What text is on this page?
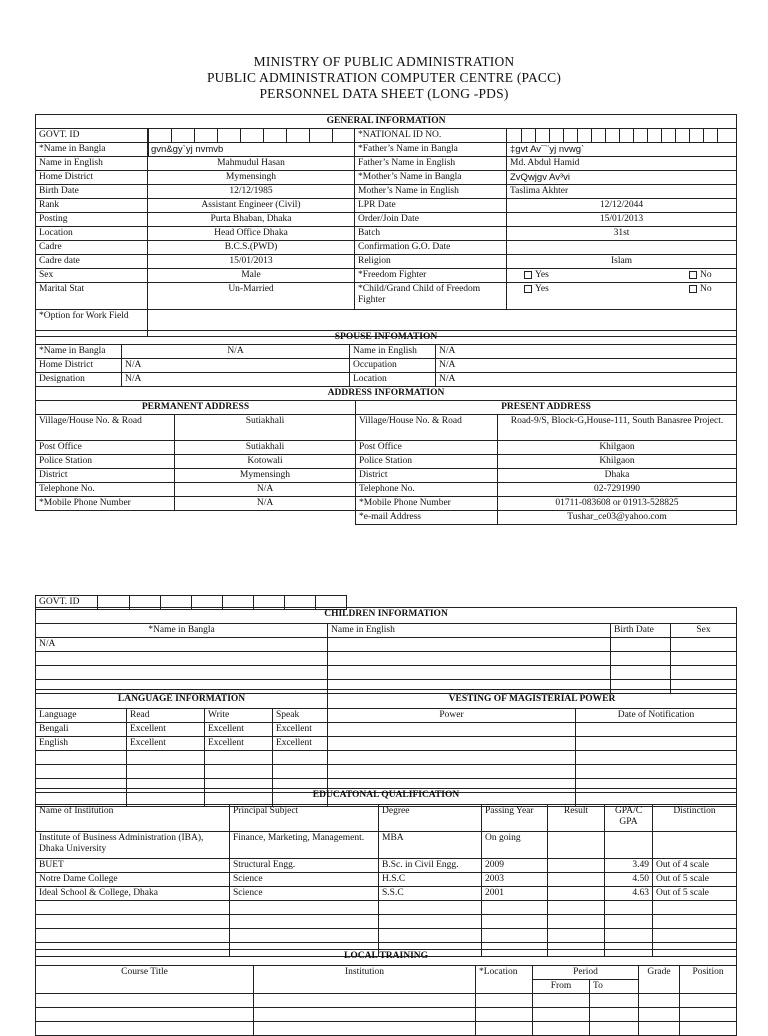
MINISTRY OF PUBLIC ADMINISTRATION
PUBLIC ADMINISTRATION COMPUTER CENTRE (PACC)
PERSONNEL DATA SHEET (LONG -PDS)
GENERAL INFORMATION			
GOVT. ID		*NATIONAL ID NO.	

*Name in Bangla	gvn&gy`yj nvmvb	*Father’s Name in Bangla	‡gvt Av¯¨yj nvwg`
Name in English	Mahmudul Hasan	Father’s Name in English	Md. Abdul Hamid
Home District	Mymensingh	*Mother’s Name in Bangla	ZvQwjgv Av³vi
Birth Date	12/12/1985	Mother’s Name in English	Taslima Akhter
Rank	Assistant Engineer (Civil)	LPR Date	12/12/2044
Posting	Purta Bhaban, Dhaka	Order/Join Date	15/01/2013
Location	Head Office Dhaka	Batch	31st
Cadre	B.C.S.(PWD)	Confirmation G.O. Date	
Cadre date	15/01/2013	Religion	Islam
Sex	Male	*Freedom Fighter	Yes No

Marital Stat	Un-Married	*Child/Grand Child of Freedom Fighter	Yes No

*Option for Work Field			
SPOUSE INFOMATION			
*Name in Bangla	N/A	Name in English	N/A
Home District	N/A	Occupation	N/A
Designation	N/A	Location	N/A
ADDRESS INFORMATION			
PERMANENT ADDRESS		PRESENT ADDRESS	
Village/House No. & Road	Sutiakhali	Village/House No. & Road	Road-9/S, Block-G,House-111, South Banasree Project.
Post Office	Sutiakhali	Post Office	Khilgaon
Police Station	Kotowali	Police Station	Khilgaon
District	Mymensingh	District	Dhaka
Telephone No.	N/A	Telephone No.	02-7291990
*Mobile Phone Number	N/A	*Mobile Phone Number	01711-083608 or 01913-528825
		*e-mail Address	Tushar_ce03@yahoo.com
GOVT. ID	
CHILDREN INFORMATION			
*Name in Bangla	Name in English	Birth Date	Sex
N/A			

LANGUAGE INFORMATION			
Language	Read	Write	Speak
Bengali	Excellent	Excellent	Excellent
English	Excellent	Excellent	Excellent

VESTING OF MAGISTERIAL POWER	
Power	Date of Notification

EDUCATONAL QUALIFICATION						
Name of Institution	Principal Subject	Degree	Passing Year	Result	GPA/C GPA	Distinction
Institute of Business Administration (IBA), Dhaka University	Finance, Marketing, Management.	MBA	On going			
BUET	Structural Engg.	B.Sc. in Civil Engg.	2009		3.49	Out of 4 scale
Notre Dame College	Science	H.S.C	2003		4.50	Out of 5 scale
Ideal School & College, Dhaka	Science	S.S.C	2001		4.63	Out of 5 scale

LOCAL TRAINING						
Course Title	Institution	*Location	Period		Grade	Position
			From	To		
